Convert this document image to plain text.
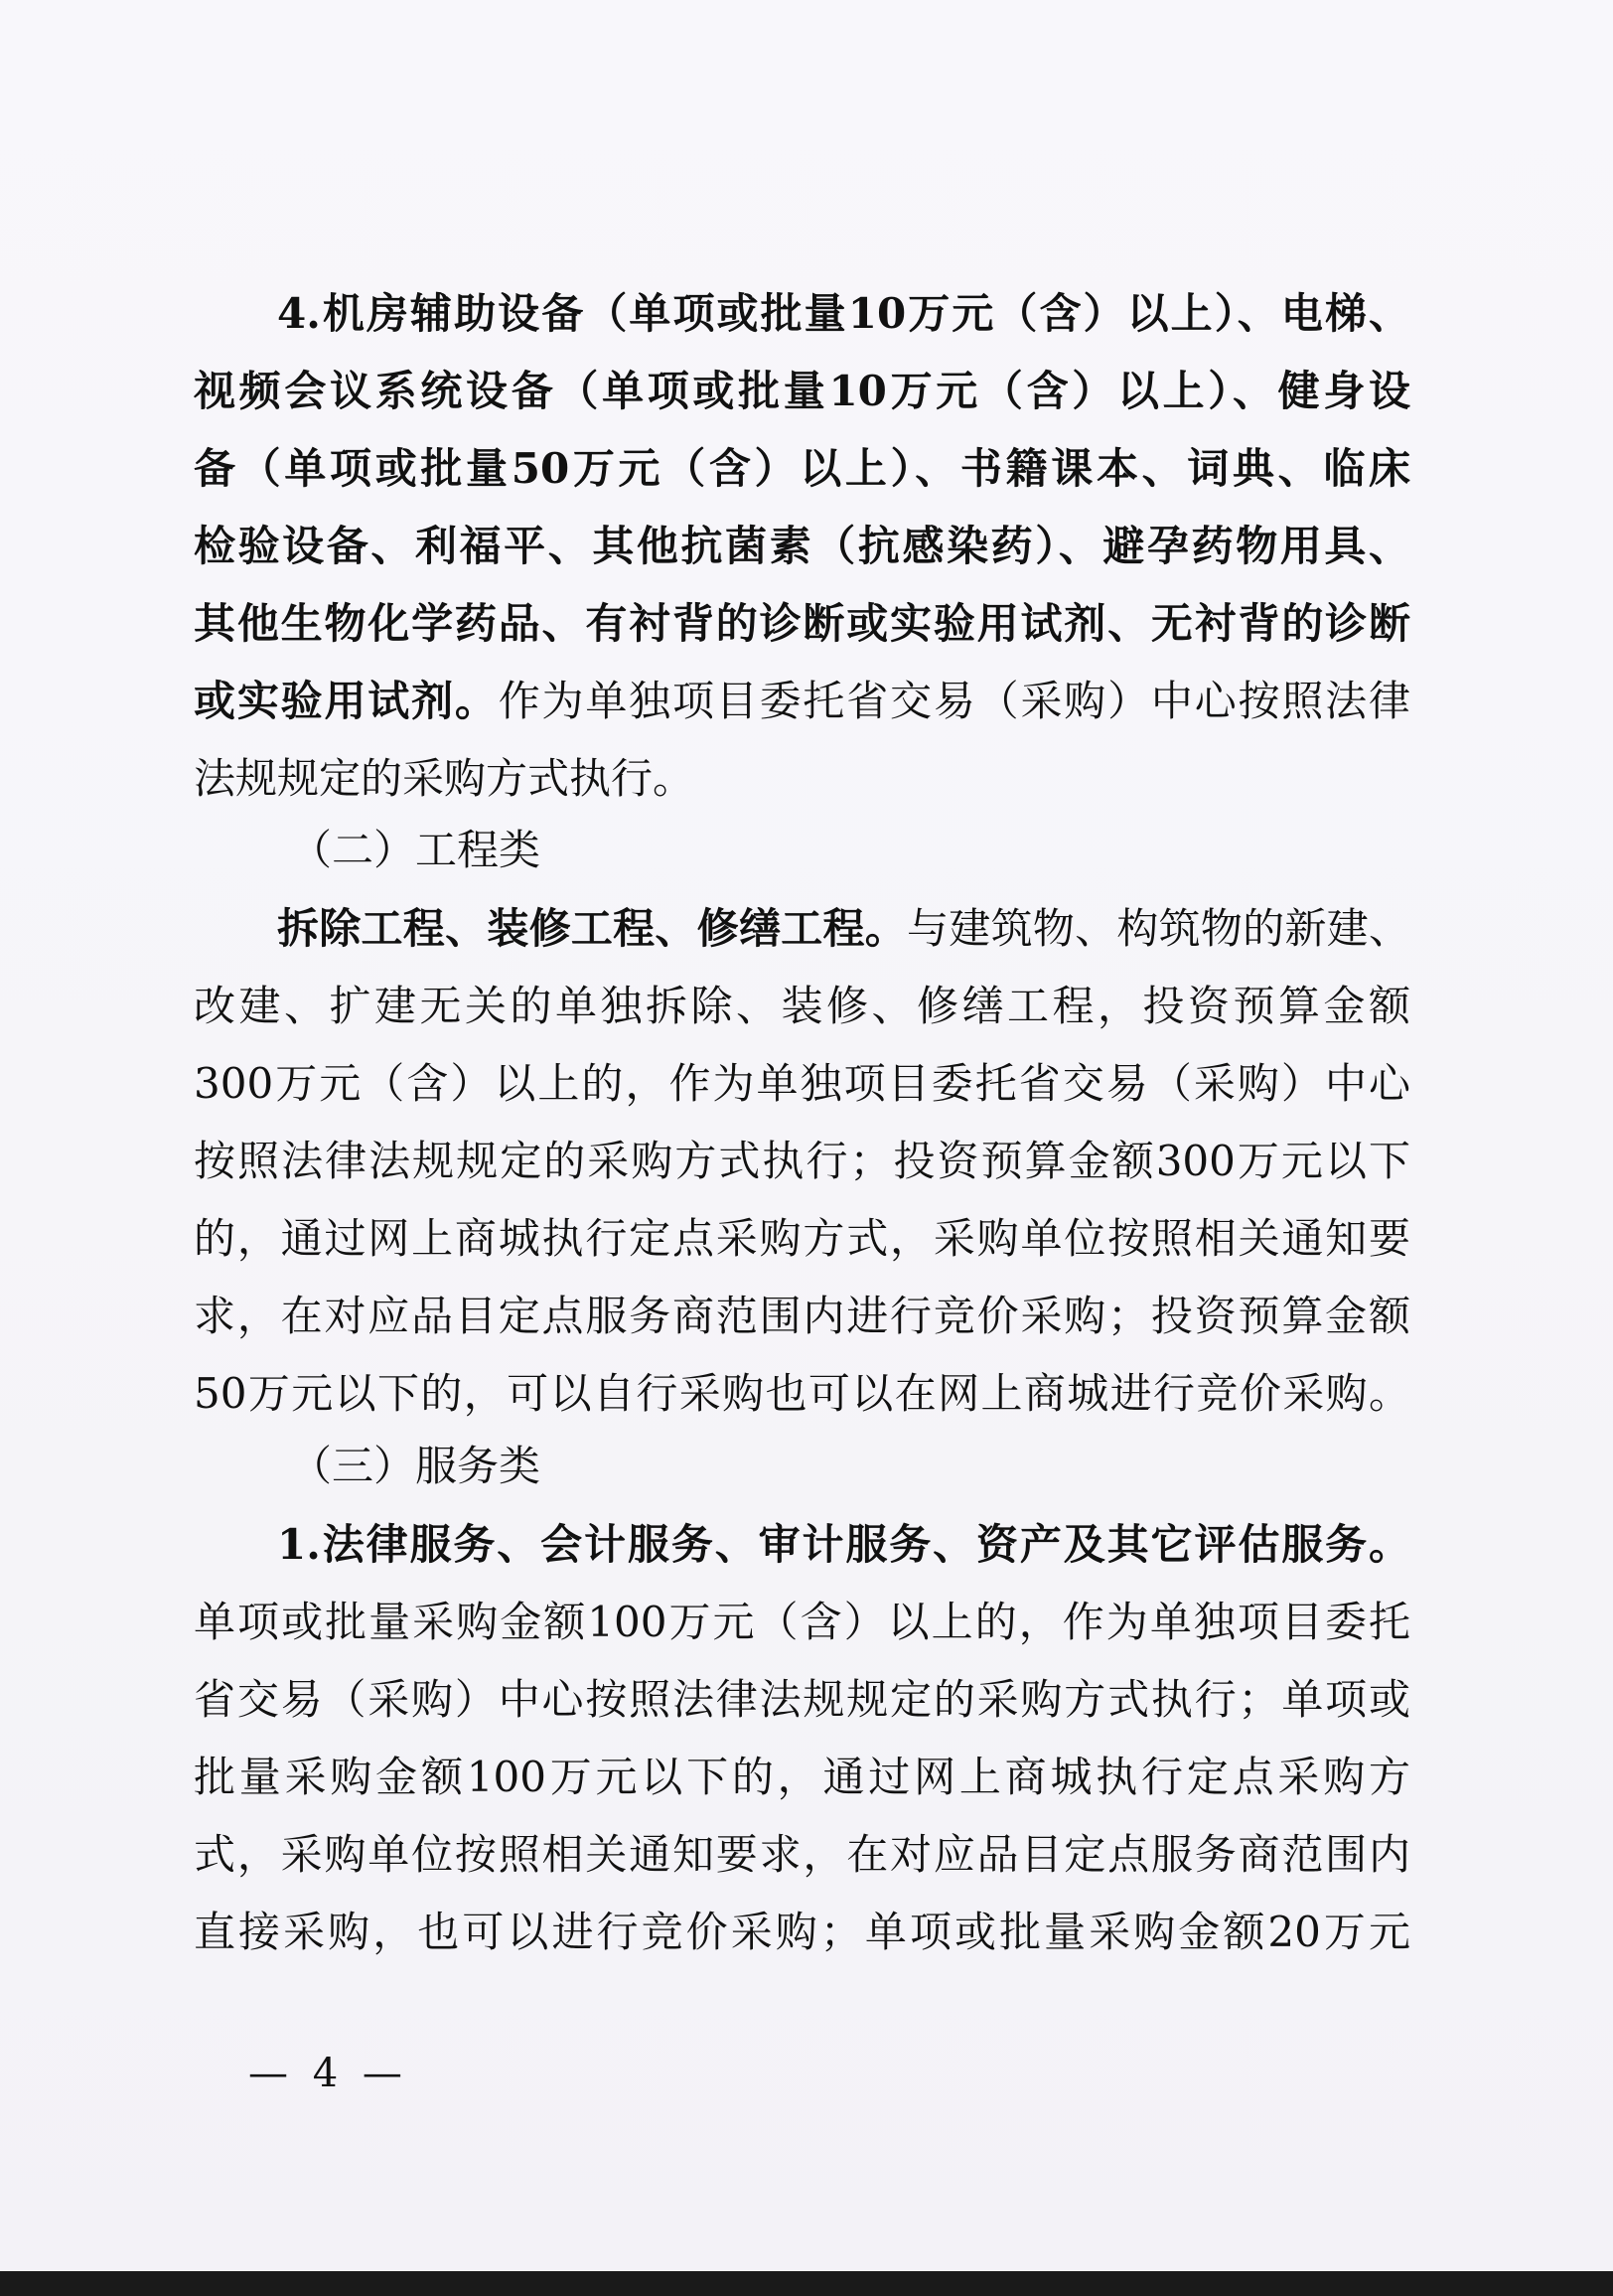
4.机房辅助设备（单项或批量10万元（含）以上）、电梯、
视频会议系统设备（单项或批量10万元（含）以上）、健身设
备（单项或批量50万元（含）以上）、书籍课本、词典、临床
检验设备、利福平、其他抗菌素（抗感染药）、避孕药物用具、
其他生物化学药品、有衬背的诊断或实验用试剂、无衬背的诊断
或实验用试剂。作为单独项目委托省交易（采购）中心按照法律
法规规定的采购方式执行。
（二）工程类
拆除工程、装修工程、修缮工程。与建筑物、构筑物的新建、
改建、扩建无关的单独拆除、装修、修缮工程，投资预算金额
300万元（含）以上的，作为单独项目委托省交易（采购）中心
按照法律法规规定的采购方式执行；投资预算金额300万元以下
的，通过网上商城执行定点采购方式，采购单位按照相关通知要
求，在对应品目定点服务商范围内进行竞价采购；投资预算金额
50万元以下的，可以自行采购也可以在网上商城进行竞价采购。
（三）服务类
1.法律服务、会计服务、审计服务、资产及其它评估服务。
单项或批量采购金额100万元（含）以上的，作为单独项目委托
省交易（采购）中心按照法律法规规定的采购方式执行；单项或
批量采购金额100万元以下的，通过网上商城执行定点采购方
式，采购单位按照相关通知要求，在对应品目定点服务商范围内
直接采购，也可以进行竞价采购；单项或批量采购金额20万元
— 4 —
